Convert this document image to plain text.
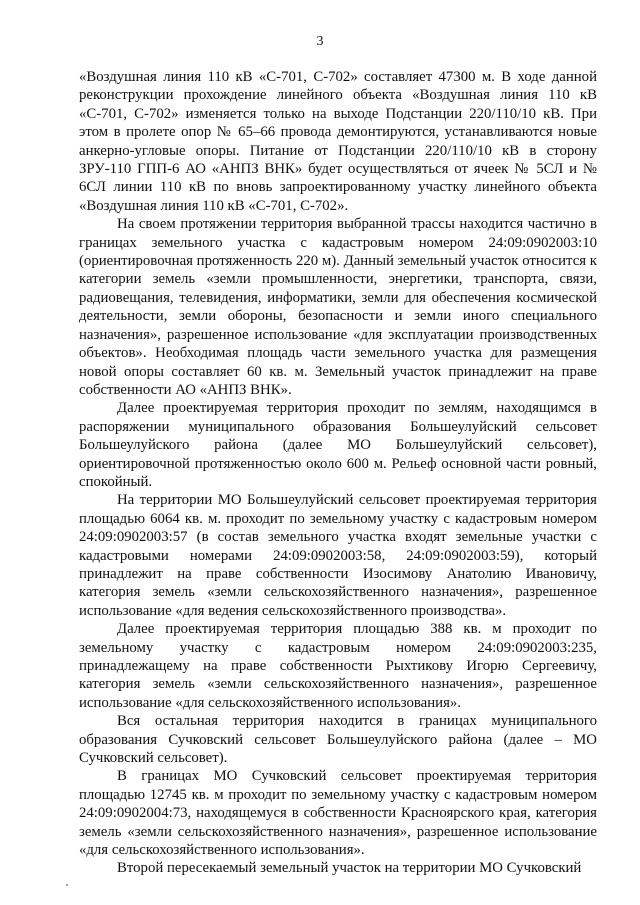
3

«Воздушная линия 110 кВ «С-701, С-702» составляет 47300 м. В ходе данной реконструкции прохождение линейного объекта «Воздушная линия 110 кВ «С-701, С-702» изменяется только на выходе Подстанции 220/110/10 кВ. При этом в пролете опор № 65–66 провода демонтируются, устанавливаются новые анкерно-угловые опоры. Питание от Подстанции 220/110/10 кВ в сторону ЗРУ-110 ГПП-6 АО «АНПЗ ВНК» будет осуществляться от ячеек № 5СЛ и № 6СЛ линии 110 кВ по вновь запроектированному участку линейного объекта «Воздушная линия 110 кВ «С-701, С-702».

На своем протяжении территория выбранной трассы находится частично в границах земельного участка с кадастровым номером 24:09:0902003:10 (ориентировочная протяженность 220 м). Данный земельный участок относится к категории земель «земли промышленности, энергетики, транспорта, связи, радиовещания, телевидения, информатики, земли для обеспечения космической деятельности, земли обороны, безопасности и земли иного специального назначения», разрешенное использование «для эксплуатации производственных объектов». Необходимая площадь части земельного участка для размещения новой опоры составляет 60 кв. м. Земельный участок принадлежит на праве собственности АО «АНПЗ ВНК».

Далее проектируемая территория проходит по землям, находящимся в распоряжении муниципального образования Большеулуйский сельсовет Большеулуйского района (далее МО Большеулуйский сельсовет), ориентировочной протяженностью около 600 м. Рельеф основной части ровный, спокойный.

На территории МО Большеулуйский сельсовет проектируемая территория площадью 6064 кв. м. проходит по земельному участку с кадастровым номером 24:09:0902003:57 (в состав земельного участка входят земельные участки с кадастровыми номерами 24:09:0902003:58, 24:09:0902003:59), который принадлежит на праве собственности Изосимову Анатолию Ивановичу, категория земель «земли сельскохозяйственного назначения», разрешенное использование «для ведения сельскохозяйственного производства».

Далее проектируемая территория площадью 388 кв. м проходит по земельному участку с кадастровым номером 24:09:0902003:235, принадлежащему на праве собственности Рыхтикову Игорю Сергеевичу, категория земель «земли сельскохозяйственного назначения», разрешенное использование «для сельскохозяйственного использования».

Вся остальная территория находится в границах муниципального образования Сучковский сельсовет Большеулуйского района (далее – МО Сучковский сельсовет).

В границах МО Сучковский сельсовет проектируемая территория площадью 12745 кв. м проходит по земельному участку с кадастровым номером 24:09:0902004:73, находящемуся в собственности Красноярского края, категория земель «земли сельскохозяйственного назначения», разрешенное использование «для сельскохозяйственного использования».

Второй пересекаемый земельный участок на территории МО Сучковский
